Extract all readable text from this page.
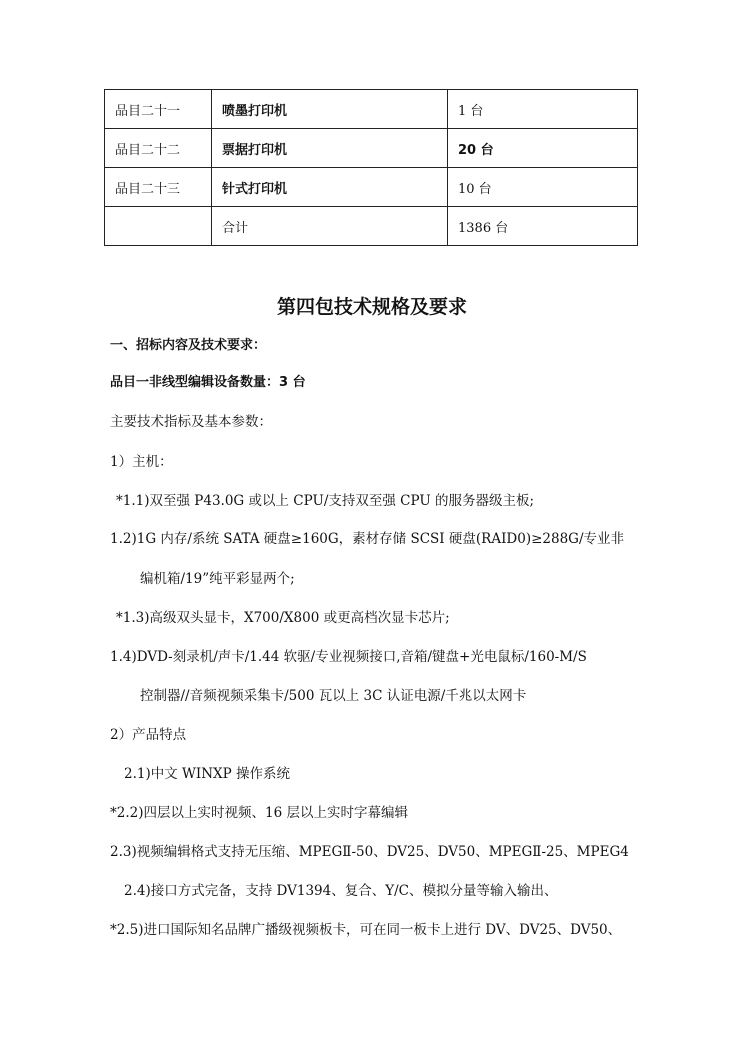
品目二十一	喷墨打印机	1 台
品目二十二	票据打印机	20 台
品目二十三	针式打印机	10 台
	合计	1386 台
第四包技术规格及要求
一、招标内容及技术要求：
品目一非线型编辑设备数量：3 台
主要技术指标及基本参数：
1）主机：
*1.1)双至强 P43.0G 或以上 CPU/支持双至强 CPU 的服务器级主板;
1.2)1G 内存/系统 SATA 硬盘≥160G，素材存储 SCSI 硬盘(RAID0)≥288G/专业非
编机箱/19”纯平彩显两个;
*1.3)高级双头显卡，X700/X800 或更高档次显卡芯片;
1.4)DVD-刻录机/声卡/1.44 软驱/专业视频接口,音箱/键盘+光电鼠标/160-M/S
控制器//音频视频采集卡/500 瓦以上 3C 认证电源/千兆以太网卡
2）产品特点
2.1)中文 WINXP 操作系统
*2.2)四层以上实时视频、16 层以上实时字幕编辑
2.3)视频编辑格式支持无压缩、MPEGⅡ-50、DV25、DV50、MPEGⅡ-25、MPEG4
2.4)接口方式完备，支持 DV1394、复合、Y/C、模拟分量等输入输出、
*2.5)进口国际知名品牌广播级视频板卡，可在同一板卡上进行 DV、DV25、DV50、
